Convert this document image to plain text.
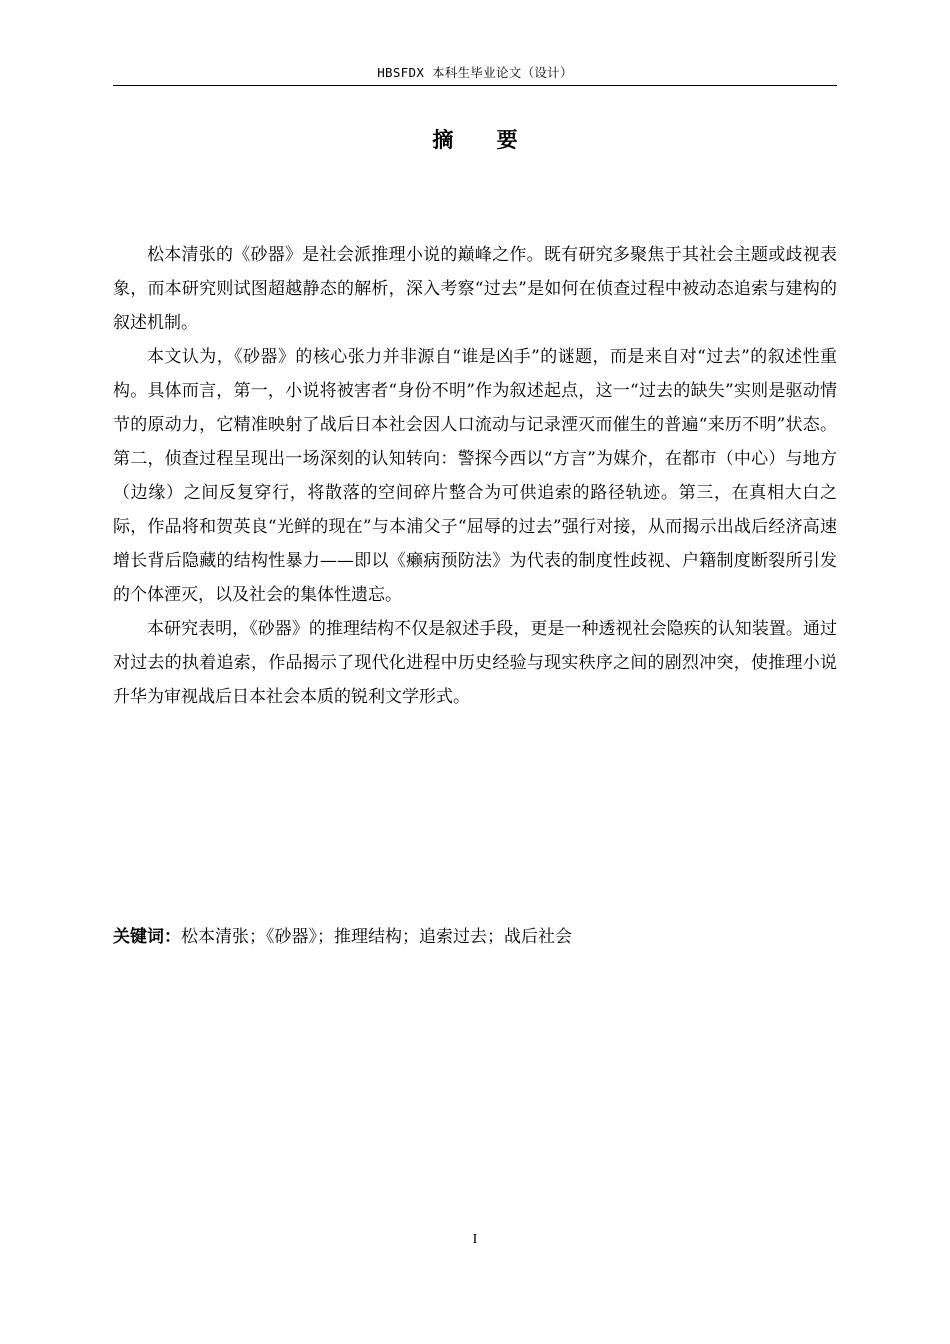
HBSFDX 本科生毕业论文（设计）
摘 要

松本清张的《砂器》是社会派推理小说的巅峰之作。既有研究多聚焦于其社会主题或歧视表象，而本研究则试图超越静态的解析，深入考察“过去”是如何在侦查过程中被动态追索与建构的叙述机制。

本文认为，《砂器》的核心张力并非源自“谁是凶手”的谜题，而是来自对“过去”的叙述性重构。具体而言，第一，小说将被害者“身份不明”作为叙述起点，这一“过去的缺失”实则是驱动情节的原动力，它精准映射了战后日本社会因人口流动与记录湮灭而催生的普遍“来历不明”状态。第二，侦查过程呈现出一场深刻的认知转向：警探今西以“方言”为媒介，在都市（中心）与地方（边缘）之间反复穿行，将散落的空间碎片整合为可供追索的路径轨迹。第三，在真相大白之际，作品将和贺英良“光鲜的现在”与本浦父子“屈辱的过去”强行对接，从而揭示出战后经济高速增长背后隐藏的结构性暴力——即以《癞病预防法》为代表的制度性歧视、户籍制度断裂所引发的个体湮灭，以及社会的集体性遗忘。

本研究表明，《砂器》的推理结构不仅是叙述手段，更是一种透视社会隐疾的认知装置。通过对过去的执着追索，作品揭示了现代化进程中历史经验与现实秩序之间的剧烈冲突，使推理小说升华为审视战后日本社会本质的锐利文学形式。

关键词：松本清张；《砂器》；推理结构；追索过去；战后社会
I
